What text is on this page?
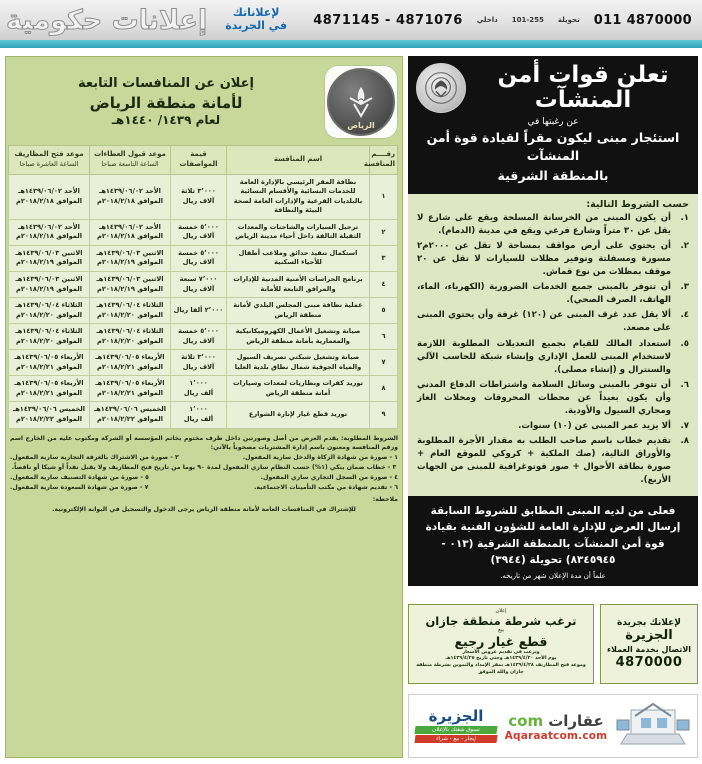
4871145 - 4871076 داخلي 101-255 تحويلة 011 4870000
لإعلاناتك
في الجريدة
إعلانات حكومية
الرياض
إعلان عن المنافسات التابعة
لأمانة منطقة الرياض
لعام ١٤٣٩/ ١٤٤٠هـ
رقــــم
المنافسة	اسم المنافسة	قيمة المواصفات	موعد قبول العطاءات
الساعة التاسعة صباحا	موعد فتح المظاريف
الساعة العاشرة صباحا

١	نظافة المقر الرئيسي بالإدارة العامة للخدمات النسائية والأقسام النسائية بالبلديات الفرعية والإدارات العامة لصحة البيئة والنظافة	٣٬٠٠٠ ثلاثة
آلاف ريال	الأحد ١٤٣٩/٠٦/٠٢هـ
الموافق ٢٠١٨/٢/١٨م	الأحد ١٤٣٩/٠٦/٠٢هـ
الموافق ٢٠١٨/٢/١٨م
٢	ترحيل السيارات والشاحنات والمعدات الثقيلة التالفة داخل أحياء مدينة الرياض	٥٬٠٠٠ خمسة
آلاف ريال	الأحد ١٤٣٩/٠٦/٠٢هـ
الموافق ٢٠١٨/٢/١٨م	الأحد ١٤٣٩/٠٦/٠٢هـ
الموافق ٢٠١٨/٢/١٨م
٣	استكمال تنفيذ حدائق وملاعب أطفال للأحياء السكنية	٥٬٠٠٠ خمسة
آلاف ريال	الاثنين ١٤٣٩/٠٦/٠٣هـ
الموافق ٢٠١٨/٢/١٩م	الاثنين ١٤٣٩/٠٦/٠٣هـ
الموافق ٢٠١٨/٢/١٩م
٤	برنامج الحراسات الأمنية المدنية للإدارات والمرافق التابعة للأمانة	٧٬٠٠٠ سبعة
آلاف ريال	الاثنين ١٤٣٩/٠٦/٠٣هـ
الموافق ٢٠١٨/٢/١٩م	الاثنين ١٤٣٩/٠٦/٠٣هـ
الموافق ٢٠١٨/٢/١٩م
٥	عملية نظافة مبنى المجلس البلدي لأمانة منطقة الرياض	٢٬٠٠٠ ألفا ريال	الثلاثاء ١٤٣٩/٠٦/٠٤هـ
الموافق ٢٠١٨/٢/٢٠م	الثلاثاء ١٤٣٩/٠٦/٠٤هـ
الموافق ٢٠١٨/٢/٢٠م
٦	صيانة وتشغيل الأعمال الكهروميكانيكية والمعمارية بأمانة منطقة الرياض	٥٬٠٠٠ خمسة
آلاف ريال	الثلاثاء ١٤٣٩/٠٦/٠٤هـ
الموافق ٢٠١٨/٢/٢٠م	الثلاثاء ١٤٣٩/٠٦/٠٤هـ
الموافق ٢٠١٨/٢/٢٠م
٧	صيانة وتشغيل شبكتي تصريف السيول والمياه الجوفية شمال نطاق بلدية العليا	٣٬٠٠٠ ثلاثة
آلاف ريال	الأربعاء ١٤٣٩/٠٦/٠٥هـ
الموافق ٢٠١٨/٢/٢١م	الأربعاء ١٤٣٩/٠٦/٠٥هـ
الموافق ٢٠١٨/٢/٢١م
٨	توريد كفرات وبطاريات لمعدات وسيارات أمانة منطقة الرياض	١٬٠٠٠
ألف ريال	الأربعاء ١٤٣٩/٠٦/٠٥هـ
الموافق ٢٠١٨/٢/٢١م	الأربعاء ١٤٣٩/٠٦/٠٥هـ
الموافق ٢٠١٨/٢/٢١م
٩	توريد قطع غيار لإنارة الشوارع	١٬٠٠٠
ألف ريال	الخميس ١٤٣٩/٠٦/٠٦هـ
الموافق ٢٠١٨/٢/٢٢م	الخميس ١٤٣٩/٠٦/٠٦هـ
الموافق ٢٠١٨/٢/٢٢م
الشروط المطلوبة: يقدم العرض من أصل وصورتين داخل ظرف مختوم بخاتم المؤسسة أو الشركة ومكتوب عليه من الخارج اسم ورقم المنافسة ومعنون باسم إدارة المشتريات مصحوباً بالآتي:
١ - صورة من شهادة الزكاة والدخل سارية المفعول.
٢ - صورة من الاشتراك بالغرفة التجارية سارية المفعول.
٣ - خطاب ضمان بنكي (١%) حسب النظام ساري المفعول لمدة ٩٠ يوما من تاريخ فتح المظاريف ولا يقبل نقداً أو شيكا أو ناقصاً.
٤ - صورة من السجل التجاري ساري المفعول.
٥ - صورة من شهادة التصنيف سارية المفعول.
٦ - تقديم شهادة من مكتب التأمينات الاجتماعية.
٧ - صورة من شهادة السعودة سارية المفعول.
ملاحظة:
للإشتراك في المنافسات العامة لأمانة منطقة الرياض يرجى الدخول والتسجيل في البوابة الإلكترونية.
تعلن قوات أمن المنشآت
عن رغبتها في
استئجار مبنى ليكون مقراً لقيادة قوة أمن المنشآت
بالمنطقة الشرقية
حسب الشروط التالية:
١.
أن يكون المبنى من الخرسانة المسلحة ويقع على شارع لا يقل عن ٣٠ متراً وشارع فرعي ويقع في مدينة (الدمام).
٢.
أن يحتوي على أرض مواقف بمساحة لا تقل عن ٢٠٠٠م٢ مسورة ومسفلتة وتوفير مظلات للسيارات لا تقل عن ٢٠ موقف بمظلات من نوع قماش.
٣.
أن تتوفر بالمبنى جميع الخدمات الضرورية (الكهرباء، الماء، الهاتف، الصرف الصحي).
٤.
ألا يقل عدد غرف المبنى عن (١٢٠) غرفة وأن يحتوي المبنى على مصعد.
٥.
استعداد المالك للقيام بجميع التعديلات المطلوبة اللازمة لاستخدام المبنى للعمل الإداري وإنشاء شبكة للحاسب الآلي والسنترال و (إنشاء مصلى).
٦.
أن تتوفر بالمبنى وسائل السلامة واشتراطات الدفاع المدني وأن يكون بعيداً عن محطات المحروقات ومحلات الغاز ومجاري السيول والأودية.
٧.
ألا يزيد عمر المبنى عن (١٠) سنوات.
٨.
تقديم خطاب باسم صاحب الطلب به مقدار الأجرة المطلوبة والأوراق التالية، (صك الملكية + كروكي للموقع العام + صورة بطاقة الأحوال + صور فوتوغرافية للمبنى من الجهات الأربع).
فعلى من لديه المبنى المطابق للشروط السابقة إرسال العرض للإدارة العامة للشؤون الفنية بقيادة قوة أمن المنشآت بالمنطقة الشرقية (٠١٣ - ٨٣٤٥٩٤٥) تحويلة (٣٩٤٤)
علماً أن مدة الإعلان شهر من تاريخه.
لإعلانك بجريدة
الجزيرة
الاتصال بخدمة العملاء
4870000
إعلان
ترغب شرطة منطقة جازان
بيع
قطع غيار رجيع
وترغب في تقديم عروض الأسعار
يوم الأحد ١٤٣٩/٤/٢٠هـ وحتى تاريخ ١٤٣٩/٤/٢٥هـ
وموعد فتح المظاريف ١٤٣٩/٤/٢٨هـ بمقر الإمداد والتموين بشرطة منطقة
جازان والله الموفق
عقارات com
Aqaraatcom.com
الجزيرة
تسوق شقتك بالإعلان
إيجار - بيع - شراء
